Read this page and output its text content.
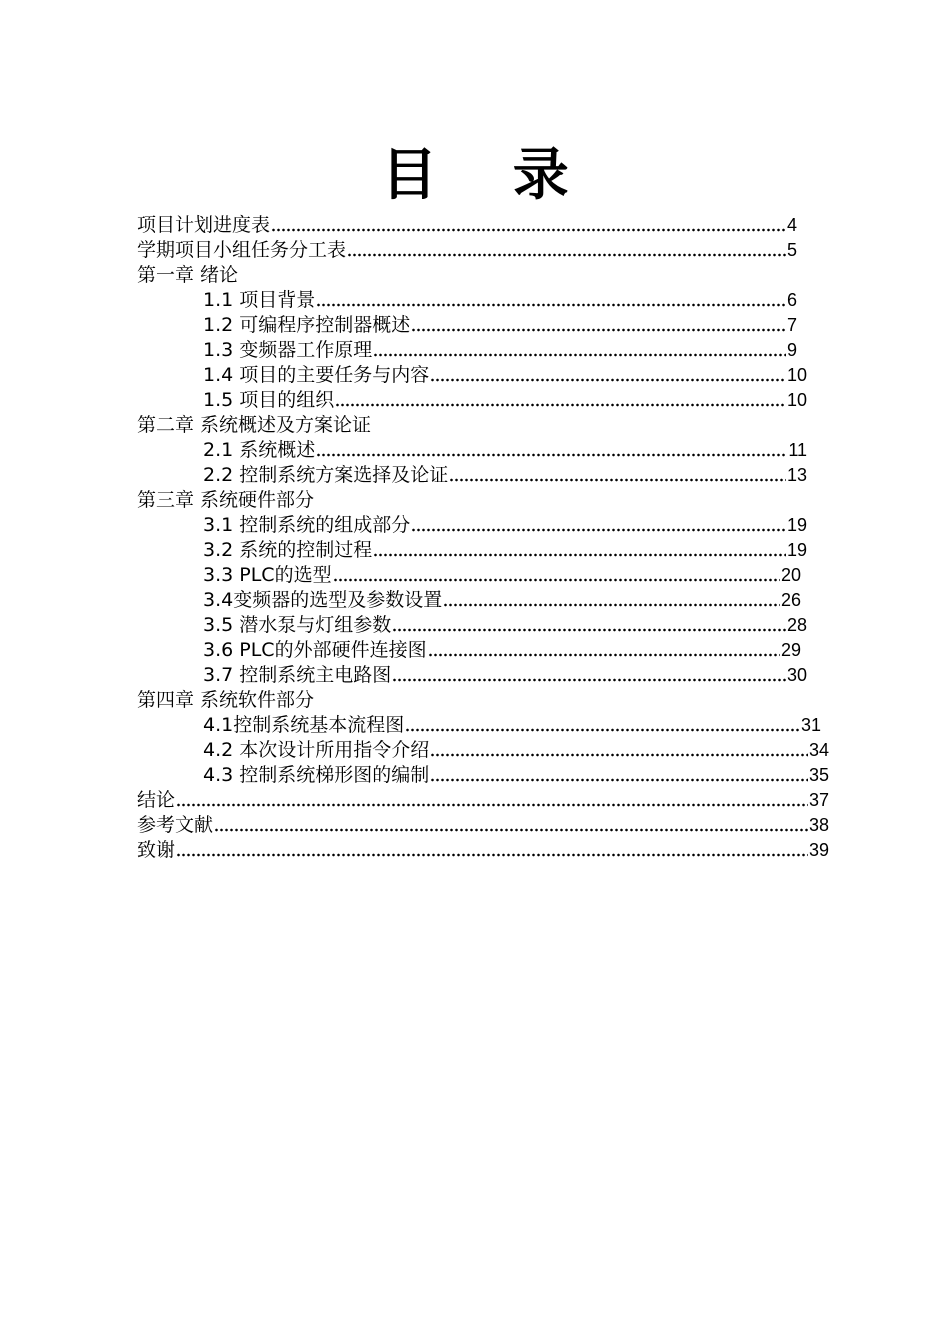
目 录
项目计划进度表	4
学期项目小组任务分工表	5
第一章 绪论
1.1 项目背景	6
1.2 可编程序控制器概述	7
1.3 变频器工作原理	9
1.4 项目的主要任务与内容	10
1.5 项目的组织	10
第二章 系统概述及方案论证
2.1 系统概述	11
2.2 控制系统方案选择及论证	13
第三章 系统硬件部分
3.1 控制系统的组成部分	19
3.2 系统的控制过程	19
3.3 PLC的选型	20
3.4变频器的选型及参数设置	26
3.5 潜水泵与灯组参数	28
3.6 PLC的外部硬件连接图	29
3.7 控制系统主电路图	30
第四章 系统软件部分
4.1控制系统基本流程图	31
4.2 本次设计所用指令介绍	34
4.3 控制系统梯形图的编制	35
结论	37
参考文献	38
致谢	39
